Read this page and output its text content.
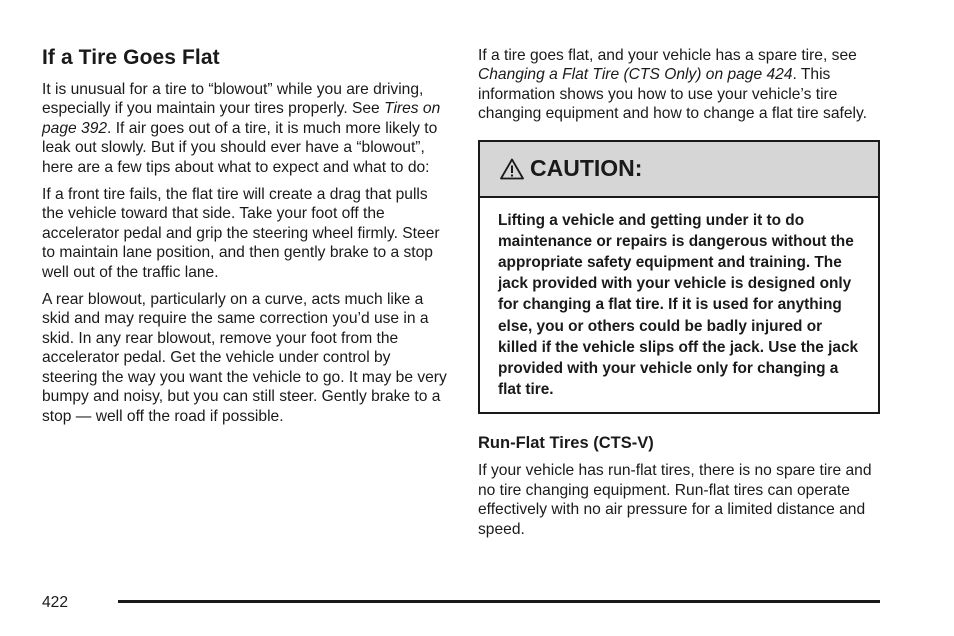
If a Tire Goes Flat

It is unusual for a tire to “blowout” while you are driving, especially if you maintain your tires properly. See Tires on page 392. If air goes out of a tire, it is much more likely to leak out slowly. But if you should ever have a “blowout”, here are a few tips about what to expect and what to do:

If a front tire fails, the flat tire will create a drag that pulls the vehicle toward that side. Take your foot off the accelerator pedal and grip the steering wheel firmly. Steer to maintain lane position, and then gently brake to a stop well out of the traffic lane.

A rear blowout, particularly on a curve, acts much like a skid and may require the same correction you’d use in a skid. In any rear blowout, remove your foot from the accelerator pedal. Get the vehicle under control by steering the way you want the vehicle to go. It may be very bumpy and noisy, but you can still steer. Gently brake to a stop — well off the road if possible.

If a tire goes flat, and your vehicle has a spare tire, see Changing a Flat Tire (CTS Only) on page 424. This information shows you how to use your vehicle’s tire changing equipment and how to change a flat tire safely.

CAUTION:
Lifting a vehicle and getting under it to do maintenance or repairs is dangerous without the appropriate safety equipment and training. The jack provided with your vehicle is designed only for changing a flat tire. If it is used for anything else, you or others could be badly injured or killed if the vehicle slips off the jack. Use the jack provided with your vehicle only for changing a flat tire.
Run-Flat Tires (CTS-V)

If your vehicle has run-flat tires, there is no spare tire and no tire changing equipment. Run-flat tires can operate effectively with no air pressure for a limited distance and speed.

422
